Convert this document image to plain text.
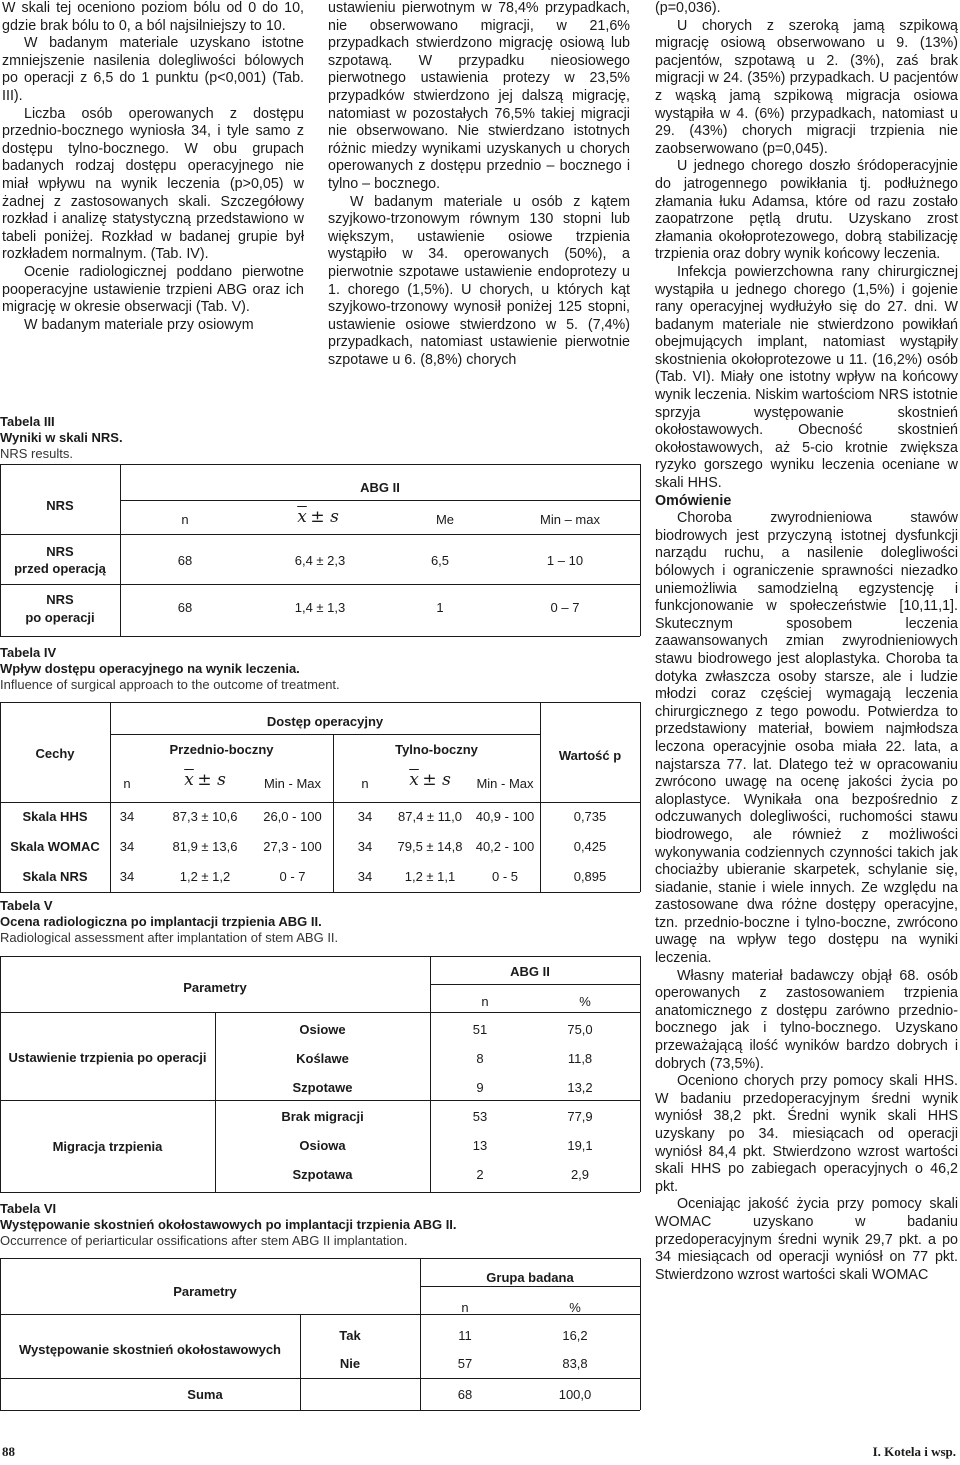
W skali tej oceniono poziom bólu od 0 do 10, gdzie brak bólu to 0, a ból najsilniejszy to 10.

W badanym materiale uzyskano istotne zmniejszenie nasilenia dolegliwości bólowych po operacji z 6,5 do 1 punktu (p<0,001) (Tab. III).

Liczba osób operowanych z dostępu przednio-bocznego wyniosła 34, i tyle samo z dostępu tylno-bocznego. W obu grupach badanych rodzaj dostępu operacyjnego nie miał wpływu na wynik leczenia (p>0,05) w żadnej z zastosowanych skali. Szczegółowy rozkład i analizę statystyczną przedstawiono w tabeli poniżej. Rozkład w badanej grupie był rozkładem normalnym. (Tab. IV).

Ocenie radiologicznej poddano pierwotne pooperacyjne ustawienie trzpieni ABG oraz ich migrację w okresie obserwacji (Tab. V).

W badanym materiale przy osiowym

ustawieniu pierwotnym w 78,4% przypadkach, nie obserwowano migracji, w 21,6% przypadkach stwierdzono migrację osiową lub szpotawą. W przypadku nieosiowego pierwotnego ustawienia protezy w 23,5% przypadków stwierdzono jej dalszą migrację, natomiast w pozostałych 76,5% takiej migracji nie obserwowano. Nie stwierdzano istotnych różnic miedzy wynikami uzyskanych u chorych operowanych z dostępu przednio – bocznego i tylno – bocznego.

W badanym materiale u osób z kątem szyjkowo-trzonowym równym 130 stopni lub większym, ustawienie osiowe trzpienia wystąpiło w 34. operowanych (50%), a pierwotnie szpotawe ustawienie endoprotezy u 1. chorego (1,5%). U chorych, u których kąt szyjkowo-trzonowy wynosił poniżej 125 stopni, ustawienie osiowe stwierdzono w 5. (7,4%) przypadkach, natomiast ustawienie pierwotnie szpotawe u 6. (8,8%) chorych

(p=0,036).

U chorych z szeroką jamą szpikową migrację osiową obserwowano u 9. (13%) pacjentów, szpotawą u 2. (3%), zaś brak migracji w 24. (35%) przypadkach. U pacjentów z wąską jamą szpikową migracja osiowa wystąpiła w 4. (6%) przypadkach, natomiast u 29. (43%) chorych migracji trzpienia nie zaobserwowano (p=0,045).

U jednego chorego doszło śródoperacyjnie do jatrogennego powikłania tj. podłużnego złamania łuku Adamsa, które od razu zostało zaopatrzone pętlą drutu. Uzyskano zrost złamania okołoprotezowego, dobrą stabilizację trzpienia oraz dobry wynik końcowy leczenia.

Infekcja powierzchowna rany chirurgicznej wystąpiła u jednego chorego (1,5%) i gojenie rany operacyjnej wydłużyło się do 27. dni. W badanym materiale nie stwierdzono powikłań obejmujących implant, natomiast wystąpiły skostnienia okołoprotezowe u 11. (16,2%) osób (Tab. VI). Miały one istotny wpływ na końcowy wynik leczenia. Niskim wartościom NRS istotnie sprzyja występowanie skostnień okołostawowych. Obecność skostnień okołostawowych, aż 5-cio krotnie zwiększa ryzyko gorszego wyniku leczenia oceniane w skali HHS.

Omówienie

Choroba zwyrodnieniowa stawów biodrowych jest przyczyną istotnej dysfunkcji narządu ruchu, a nasilenie dolegliwości bólowych i ograniczenie sprawności niezadko uniemożliwia samodzielną egzystencję i funkcjonowanie w społeczeństwie [10,11,1]. Skutecznym sposobem leczenia zaawansowanych zmian zwyrodnieniowych stawu biodrowego jest aloplastyka. Choroba ta dotyka zwłaszcza osoby starsze, ale i ludzie młodzi coraz częściej wymagają leczenia chirurgicznego z tego powodu. Potwierdza to przedstawiony materiał, bowiem najmłodsza leczona operacyjnie osoba miała 22. lata, a najstarsza 77. lat. Dlatego też w opracowaniu zwrócono uwagę na ocenę jakości życia po aloplastyce. Wynikała ona bezpośrednio z odczuwanych dolegliwości, ruchomości stawu biodrowego, ale również z możliwości wykonywania codziennych czynności takich jak chociażby ubieranie skarpetek, schylanie się, siadanie, stanie i wiele innych. Ze względu na zastosowane dwa różne dostępy operacyjne, tzn. przednio-boczne i tylno-boczne, zwrócono uwagę na wpływ tego dostępu na wyniki leczenia.

Własny materiał badawczy objął 68. osób operowanych z zastosowaniem trzpienia anatomicznego z dostępu zarówno przednio-bocznego jak i tylno-bocznego. Uzyskano przeważającą ilość wyników bardzo dobrych i dobrych (73,5%).

Oceniono chorych przy pomocy skali HHS. W badaniu przedoperacyjnym średni wynik wyniósł 38,2 pkt. Średni wynik skali HHS uzyskany po 34. miesiącach od operacji wyniósł 84,4 pkt. Stwierdzono wzrost wartości skali HHS po zabiegach operacyjnych o 46,2 pkt.

Oceniając jakość życia przy pomocy skali WOMAC uzyskano w badaniu przedoperacyjnym średni wynik 29,7 pkt. a po 34 miesiącach od operacji wyniósł on 77 pkt. Stwierdzono wzrost wartości skali WOMAC

Tabela III
Wyniki w skali NRS.
NRS results.
NRS
ABG II
n	$\overline{x} \pm s$	Me	Min – max
NRS
przed operacją
68	6,4 ± 2,3	6,5	1 – 10
NRS
po operacji
68	1,4 ± 1,3	1	0 – 7
Tabela IV
Wpływ dostępu operacyjnego na wynik leczenia.
Influence of surgical approach to the outcome of treatment.
Cechy
Dostęp operacyjny
Przednio-boczny	Tylno-boczny	Wartość p
n	$\overline{x} \pm s$	Min - Max	n	$\overline{x} \pm s$	Min - Max
Skala HHS	34	87,3 ± 10,6	26,0 - 100	34	87,4 ± 11,0	40,9 - 100	0,735
Skala WOMAC	34	81,9 ± 13,6	27,3 - 100	34	79,5 ± 14,8	40,2 - 100	0,425
Skala NRS	34	1,2 ± 1,2	0 - 7	34	1,2 ± 1,1	0 - 5	0,895
Tabela V
Ocena radiologiczna po implantacji trzpienia ABG II.
Radiological assessment after implantation of stem ABG II.
Parametry
ABG II
n	%
Ustawienie trzpienia po operacji
Migracja trzpienia
Osiowe	51	75,0
Koślawe	8	11,8
Szpotawe	9	13,2
Brak migracji	53	77,9
Osiowa	13	19,1
Szpotawa	2	2,9
Tabela VI
Występowanie skostnień okołostawowych po implantacji trzpienia ABG II.
Occurrence of periarticular ossifications after stem ABG II implantation.
Parametry
Grupa badana
n	%
Występowanie skostnień okołostawowych
Tak	11	16,2
Nie	57	83,8
Suma	68	100,0
88	I. Kotela i wsp.
